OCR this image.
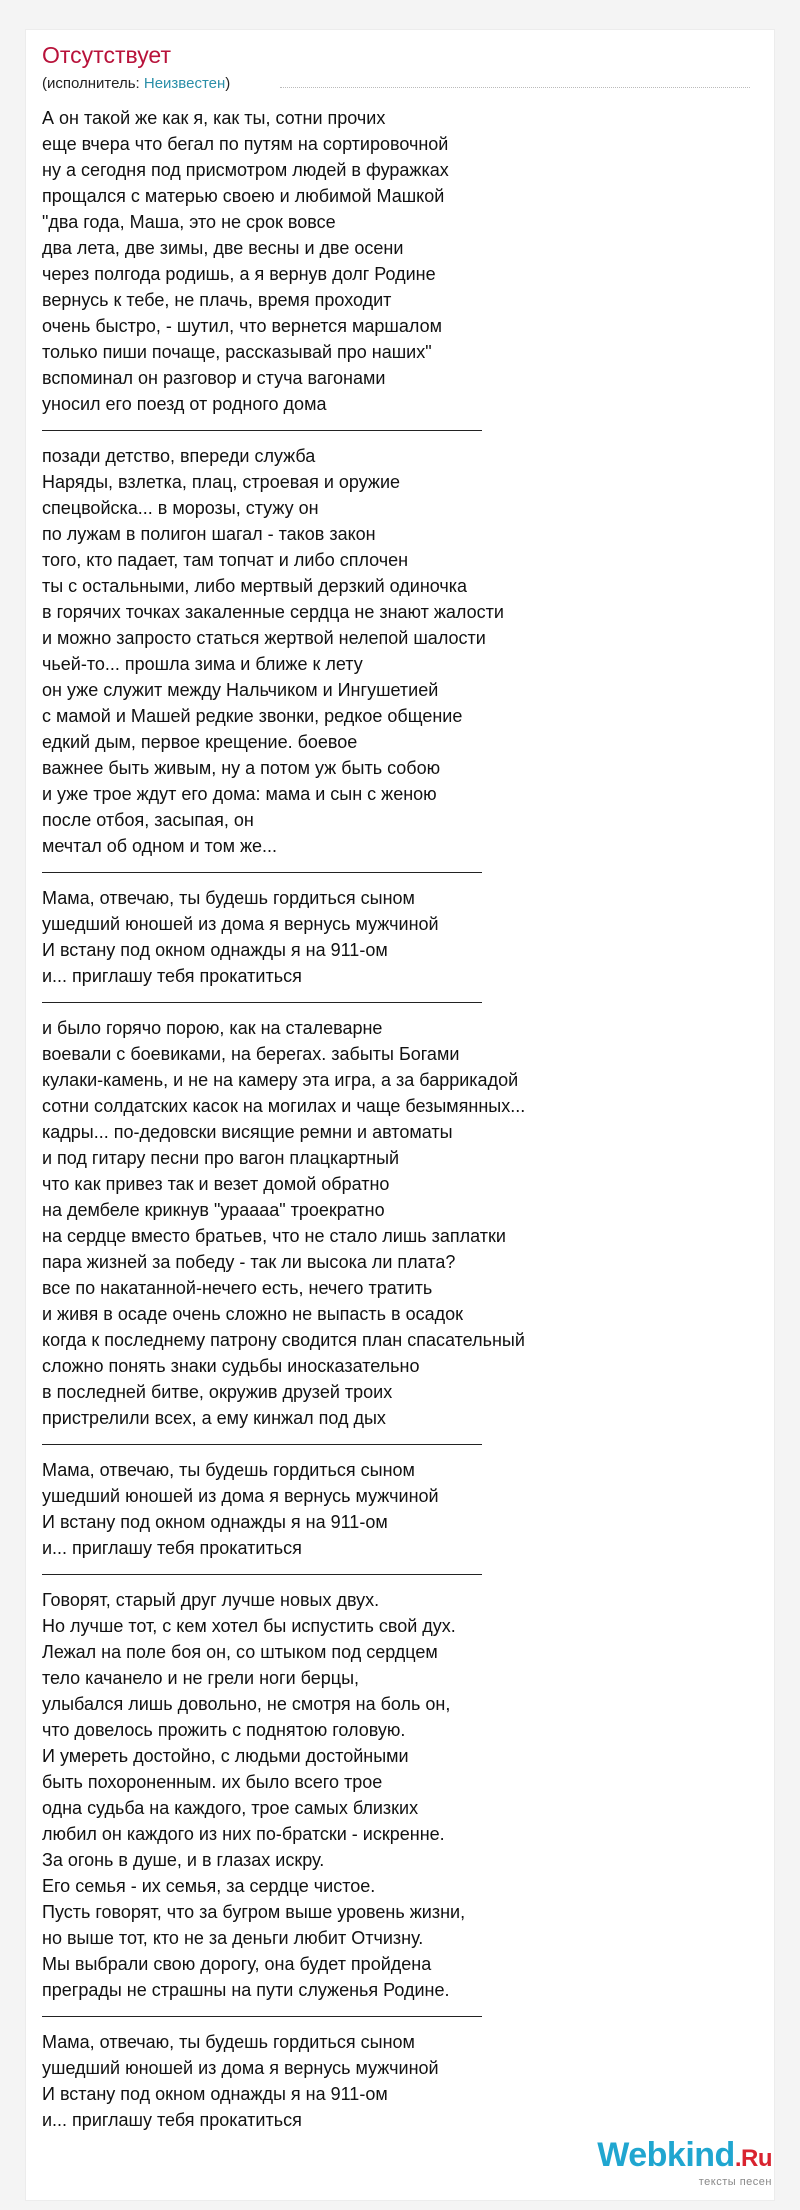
Отсутствует
(исполнитель: Неизвестен)
А он такой же как я, как ты, сотни прочих
еще вчера что бегал по путям на сортировочной
ну а сегодня под присмотром людей в фуражках
прощался с матерью своею и любимой Машкой
"два года, Маша, это не срок вовсе
два лета, две зимы, две весны и две осени
через полгода родишь, а я вернув долг Родине
вернусь к тебе, не плачь, время проходит
очень быстро, - шутил, что вернется маршалом
только пиши почаще, рассказывай про наших"
вспоминал он разговор и стуча вагонами
уносил его поезд от родного дома
позади детство, впереди служба
Наряды, взлетка, плац, строевая и оружие
спецвойска... в морозы, стужу он
по лужам в полигон шагал - таков закон
того, кто падает, там топчат и либо сплочен
ты с остальными, либо мертвый дерзкий одиночка
в горячих точках закаленные сердца не знают жалости
и можно запросто статься жертвой нелепой шалости
чьей-то... прошла зима и ближе к лету
он уже служит между Нальчиком и Ингушетией
с мамой и Машей редкие звонки, редкое общение
едкий дым, первое крещение. боевое
важнее быть живым, ну а потом уж быть собою
и уже трое ждут его дома: мама и сын с женою
после отбоя, засыпая, он
мечтал об одном и том же...
Мама, отвечаю, ты будешь гордиться сыном
ушедший юношей из дома я вернусь мужчиной
И встану под окном однажды я на 911-ом
и... приглашу тебя прокатиться
и было горячо порою, как на сталеварне
воевали с боевиками, на берегах. забыты Богами
кулаки-камень, и не на камеру эта игра, а за баррикадой
сотни солдатских касок на могилах и чаще безымянных...
кадры... по-дедовски висящие ремни и автоматы
и под гитару песни про вагон плацкартный
что как привез так и везет домой обратно
на дембеле крикнув "урaааа" троекратно
на сердце вместо братьев, что не стало лишь заплатки
пара жизней за победу - так ли высока ли плата?
все по накатанной-нечего есть, нечего тратить
и живя в осаде очень сложно не выпасть в осадок
когда к последнему патрону сводится план спасательный
сложно понять знаки судьбы иносказательно
в последней битве, окружив друзей троих
пристрелили всех, а ему кинжал под дых
Мама, отвечаю, ты будешь гордиться сыном
ушедший юношей из дома я вернусь мужчиной
И встану под окном однажды я на 911-ом
и... приглашу тебя прокатиться
Говорят, старый друг лучше новых двух.
Но лучше тот, с кем хотел бы испустить свой дух.
Лежал на поле боя он, со штыком под сердцем
тело качанело и не грели ноги берцы,
улыбался лишь довольно, не смотря на боль он,
что довелось прожить с поднятою головую.
И умереть достойно, с людьми достойными
быть похороненным. их было всего трое
одна судьба на каждого, трое самых близких
любил он каждого из них по-братски - искренне.
За огонь в душе, и в глазах искру.
Его семья - их семья, за сердце чистое.
Пусть говорят, что за бугром выше уровень жизни,
но выше тот, кто не за деньги любит Отчизну.
Мы выбрали свою дорогу, она будет пройдена
преграды не страшны на пути служенья Родине.
Мама, отвечаю, ты будешь гордиться сыном
ушедший юношей из дома я вернусь мужчиной
И встану под окном однажды я на 911-ом
и... приглашу тебя прокатиться
Webkind.Ru
тексты песен
